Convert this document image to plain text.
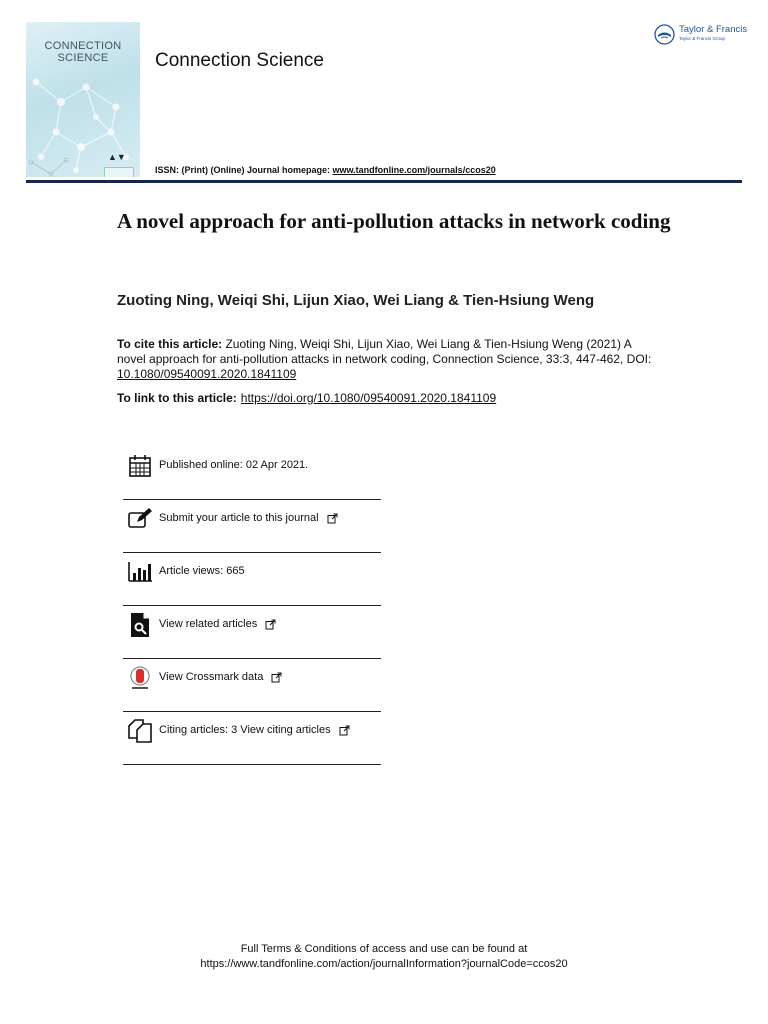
CONNECTION SCIENCE
▲▼
Connection Science
ISSN: (Print) (Online) Journal homepage: www.tandfonline.com/journals/ccos20
Taylor & Francis
Taylor & Francis Group
A novel approach for anti-pollution attacks in network coding
Zuoting Ning, Weiqi Shi, Lijun Xiao, Wei Liang & Tien-Hsiung Weng
To cite this article: Zuoting Ning, Weiqi Shi, Lijun Xiao, Wei Liang & Tien-Hsiung Weng (2021) A novel approach for anti-pollution attacks in network coding, Connection Science, 33:3, 447-462, DOI: 10.1080/09540091.2020.1841109
To link to this article: https://doi.org/10.1080/09540091.2020.1841109
Published online: 02 Apr 2021.
Submit your article to this journal
Article views: 665
View related articles
View Crossmark data
Citing articles: 3 View citing articles
Full Terms & Conditions of access and use can be found at
https://www.tandfonline.com/action/journalInformation?journalCode=ccos20
